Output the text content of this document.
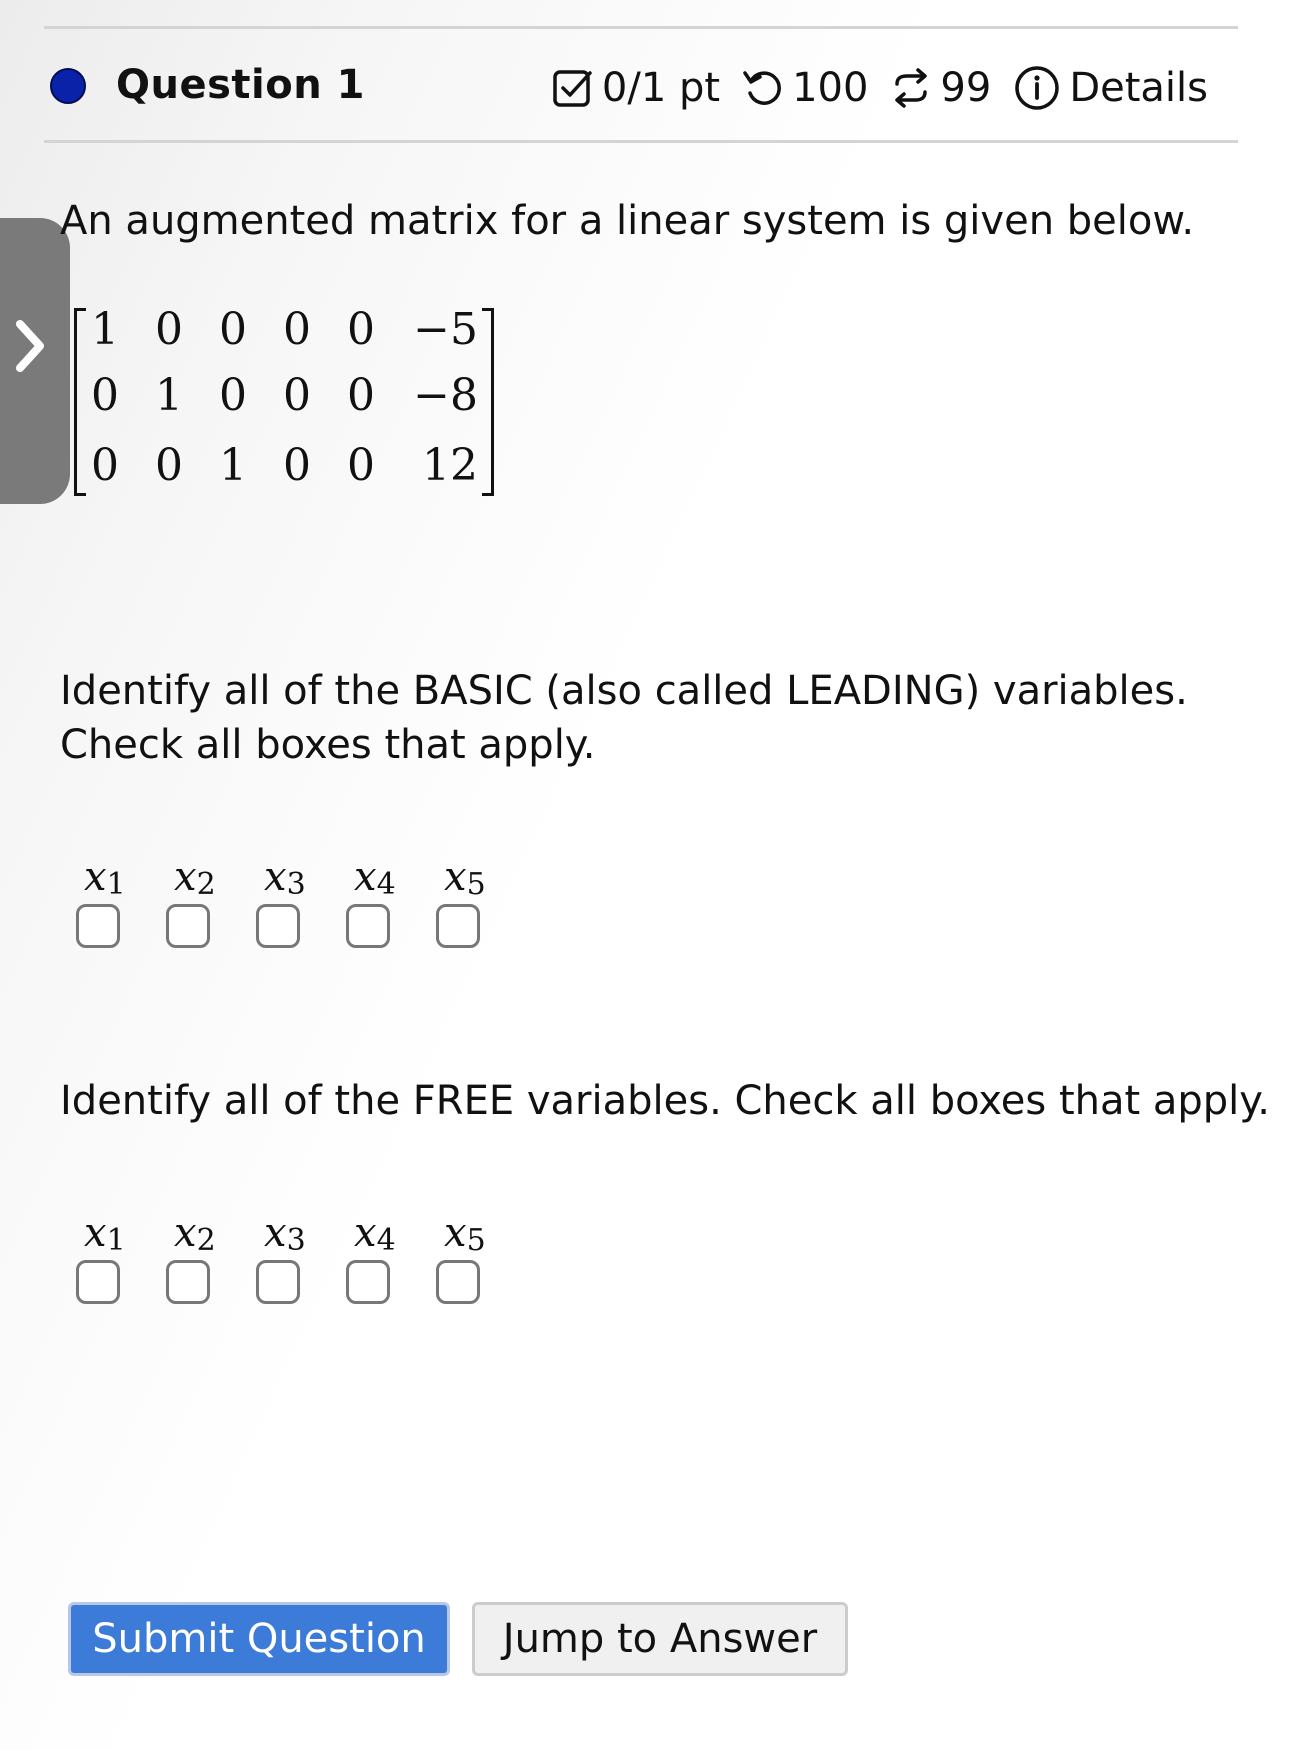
Question 1	0/1 pt 100 99 Details
An augmented matrix for a linear system is given below.
1 0 0 0 0 −5
0 1 0 0 0 −8
0 0 1 0 0	12
Identify all of the BASIC (also called LEADING) variables.
Check all boxes that apply.
$x_1$ $x_2$ $x_3$ $x_4$ $x_5$
Identify all of the FREE variables. Check all boxes that apply.
$x_1$ $x_2$ $x_3$ $x_4$ $x_5$
Submit Question	Jump to Answer
